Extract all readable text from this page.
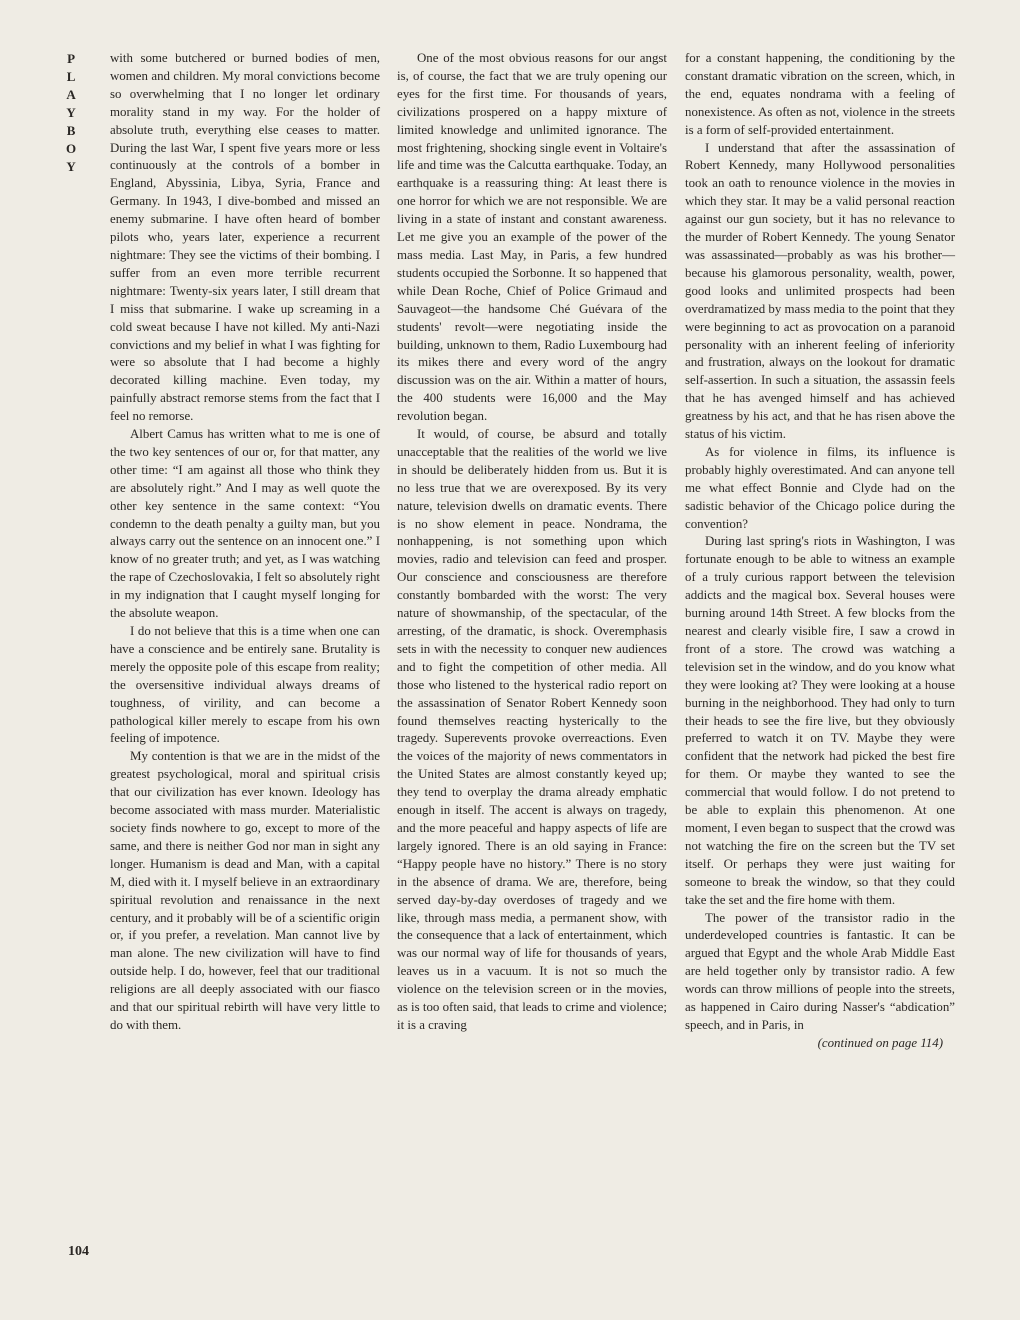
P
L
A
Y
B
O
Y
104

with some butchered or burned bodies of men, women and children. My moral convictions become so overwhelming that I no longer let ordinary morality stand in my way. For the holder of absolute truth, everything else ceases to matter. During the last War, I spent five years more or less continuously at the controls of a bomber in England, Abyssinia, Libya, Syria, France and Germany. In 1943, I dive-bombed and missed an enemy submarine. I have often heard of bomber pilots who, years later, experience a recurrent nightmare: They see the victims of their bombing. I suffer from an even more terrible recurrent nightmare: Twenty-six years later, I still dream that I miss that submarine. I wake up screaming in a cold sweat because I have not killed. My anti-Nazi convictions and my belief in what I was fighting for were so absolute that I had become a highly decorated killing machine. Even today, my painfully abstract remorse stems from the fact that I feel no remorse.

Albert Camus has written what to me is one of the two key sentences of our or, for that matter, any other time: “I am against all those who think they are absolutely right.” And I may as well quote the other key sentence in the same context: “You condemn to the death penalty a guilty man, but you always carry out the sentence on an innocent one.” I know of no greater truth; and yet, as I was watching the rape of Czechoslovakia, I felt so absolutely right in my indignation that I caught myself longing for the absolute weapon.

I do not believe that this is a time when one can have a conscience and be entirely sane. Brutality is merely the opposite pole of this escape from reality; the oversensitive individual always dreams of toughness, of virility, and can become a pathological killer merely to escape from his own feeling of impotence.

My contention is that we are in the midst of the greatest psychological, moral and spiritual crisis that our civilization has ever known. Ideology has become associated with mass murder. Materialistic society finds nowhere to go, except to more of the same, and there is neither God nor man in sight any longer. Humanism is dead and Man, with a capital M, died with it. I myself believe in an extraordinary spiritual revolution and renaissance in the next century, and it probably will be of a scientific origin or, if you prefer, a revelation. Man cannot live by man alone. The new civilization will have to find outside help. I do, however, feel that our traditional religions are all deeply associated with our fiasco and that our spiritual rebirth will have very little to do with them.

One of the most obvious reasons for our angst is, of course, the fact that we are truly opening our eyes for the first time. For thousands of years, civilizations prospered on a happy mixture of limited knowledge and unlimited ignorance. The most frightening, shocking single event in Voltaire's life and time was the Calcutta earthquake. Today, an earthquake is a reassuring thing: At least there is one horror for which we are not responsible. We are living in a state of instant and constant awareness. Let me give you an example of the power of the mass media. Last May, in Paris, a few hundred students occupied the Sorbonne. It so happened that while Dean Roche, Chief of Police Grimaud and Sauvageot—the handsome Ché Guévara of the students' revolt—were negotiating inside the building, unknown to them, Radio Luxembourg had its mikes there and every word of the angry discussion was on the air. Within a matter of hours, the 400 students were 16,000 and the May revolution began.

It would, of course, be absurd and totally unacceptable that the realities of the world we live in should be deliberately hidden from us. But it is no less true that we are overexposed. By its very nature, television dwells on dramatic events. There is no show element in peace. Nondrama, the nonhappening, is not something upon which movies, radio and television can feed and prosper. Our conscience and consciousness are therefore constantly bombarded with the worst: The very nature of showmanship, of the spectacular, of the arresting, of the dramatic, is shock. Overemphasis sets in with the necessity to conquer new audiences and to fight the competition of other media. All those who listened to the hysterical radio report on the assassination of Senator Robert Kennedy soon found themselves reacting hysterically to the tragedy. Superevents provoke overreactions. Even the voices of the majority of news commentators in the United States are almost constantly keyed up; they tend to overplay the drama already emphatic enough in itself. The accent is always on tragedy, and the more peaceful and happy aspects of life are largely ignored. There is an old saying in France: “Happy people have no history.” There is no story in the absence of drama. We are, therefore, being served day-by-day overdoses of tragedy and we like, through mass media, a permanent show, with the consequence that a lack of entertainment, which was our normal way of life for thousands of years, leaves us in a vacuum. It is not so much the violence on the television screen or in the movies, as is too often said, that leads to crime and violence; it is a craving

for a constant happening, the conditioning by the constant dramatic vibration on the screen, which, in the end, equates nondrama with a feeling of nonexistence. As often as not, violence in the streets is a form of self-provided entertainment.

I understand that after the assassination of Robert Kennedy, many Hollywood personalities took an oath to renounce violence in the movies in which they star. It may be a valid personal reaction against our gun society, but it has no relevance to the murder of Robert Kennedy. The young Senator was assassinated—probably as was his brother—because his glamorous personality, wealth, power, good looks and unlimited prospects had been overdramatized by mass media to the point that they were beginning to act as provocation on a paranoid personality with an inherent feeling of inferiority and frustration, always on the lookout for dramatic self-assertion. In such a situation, the assassin feels that he has avenged himself and has achieved greatness by his act, and that he has risen above the status of his victim.

As for violence in films, its influence is probably highly overestimated. And can anyone tell me what effect Bonnie and Clyde had on the sadistic behavior of the Chicago police during the convention?

During last spring's riots in Washington, I was fortunate enough to be able to witness an example of a truly curious rapport between the television addicts and the magical box. Several houses were burning around 14th Street. A few blocks from the nearest and clearly visible fire, I saw a crowd in front of a store. The crowd was watching a television set in the window, and do you know what they were looking at? They were looking at a house burning in the neighborhood. They had only to turn their heads to see the fire live, but they obviously preferred to watch it on TV. Maybe they were confident that the network had picked the best fire for them. Or maybe they wanted to see the commercial that would follow. I do not pretend to be able to explain this phenomenon. At one moment, I even began to suspect that the crowd was not watching the fire on the screen but the TV set itself. Or perhaps they were just waiting for someone to break the window, so that they could take the set and the fire home with them.

The power of the transistor radio in the underdeveloped countries is fantastic. It can be argued that Egypt and the whole Arab Middle East are held together only by transistor radio. A few words can throw millions of people into the streets, as happened in Cairo during Nasser's “abdication” speech, and in Paris, in

(continued on page 114)
